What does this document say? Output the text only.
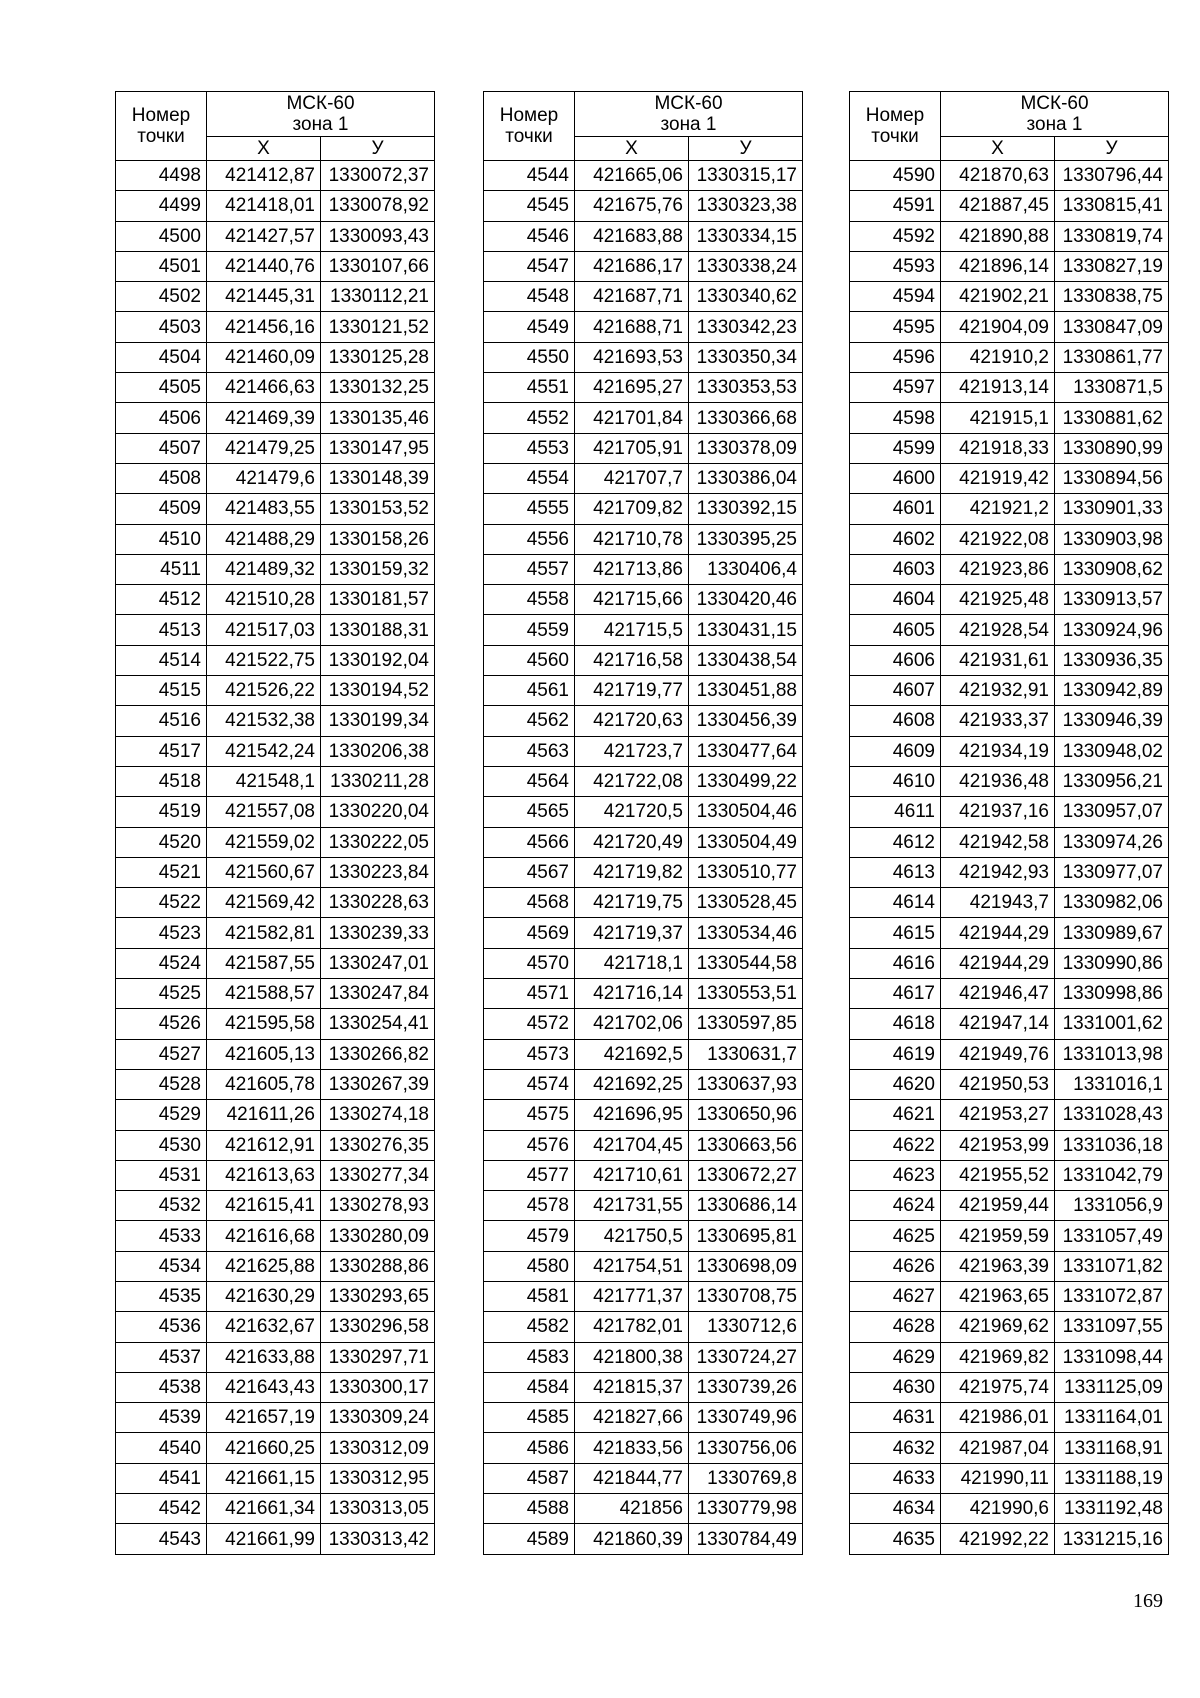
Номер точки	МСК-60
зона 1	
	Х	У
4498	421412,87	1330072,37
4499	421418,01	1330078,92
4500	421427,57	1330093,43
4501	421440,76	1330107,66
4502	421445,31	1330112,21
4503	421456,16	1330121,52
4504	421460,09	1330125,28
4505	421466,63	1330132,25
4506	421469,39	1330135,46
4507	421479,25	1330147,95
4508	421479,6	1330148,39
4509	421483,55	1330153,52
4510	421488,29	1330158,26
4511	421489,32	1330159,32
4512	421510,28	1330181,57
4513	421517,03	1330188,31
4514	421522,75	1330192,04
4515	421526,22	1330194,52
4516	421532,38	1330199,34
4517	421542,24	1330206,38
4518	421548,1	1330211,28
4519	421557,08	1330220,04
4520	421559,02	1330222,05
4521	421560,67	1330223,84
4522	421569,42	1330228,63
4523	421582,81	1330239,33
4524	421587,55	1330247,01
4525	421588,57	1330247,84
4526	421595,58	1330254,41
4527	421605,13	1330266,82
4528	421605,78	1330267,39
4529	421611,26	1330274,18
4530	421612,91	1330276,35
4531	421613,63	1330277,34
4532	421615,41	1330278,93
4533	421616,68	1330280,09
4534	421625,88	1330288,86
4535	421630,29	1330293,65
4536	421632,67	1330296,58
4537	421633,88	1330297,71
4538	421643,43	1330300,17
4539	421657,19	1330309,24
4540	421660,25	1330312,09
4541	421661,15	1330312,95
4542	421661,34	1330313,05
4543	421661,99	1330313,42
Номер точки	МСК-60
зона 1	
	Х	У
4544	421665,06	1330315,17
4545	421675,76	1330323,38
4546	421683,88	1330334,15
4547	421686,17	1330338,24
4548	421687,71	1330340,62
4549	421688,71	1330342,23
4550	421693,53	1330350,34
4551	421695,27	1330353,53
4552	421701,84	1330366,68
4553	421705,91	1330378,09
4554	421707,7	1330386,04
4555	421709,82	1330392,15
4556	421710,78	1330395,25
4557	421713,86	1330406,4
4558	421715,66	1330420,46
4559	421715,5	1330431,15
4560	421716,58	1330438,54
4561	421719,77	1330451,88
4562	421720,63	1330456,39
4563	421723,7	1330477,64
4564	421722,08	1330499,22
4565	421720,5	1330504,46
4566	421720,49	1330504,49
4567	421719,82	1330510,77
4568	421719,75	1330528,45
4569	421719,37	1330534,46
4570	421718,1	1330544,58
4571	421716,14	1330553,51
4572	421702,06	1330597,85
4573	421692,5	1330631,7
4574	421692,25	1330637,93
4575	421696,95	1330650,96
4576	421704,45	1330663,56
4577	421710,61	1330672,27
4578	421731,55	1330686,14
4579	421750,5	1330695,81
4580	421754,51	1330698,09
4581	421771,37	1330708,75
4582	421782,01	1330712,6
4583	421800,38	1330724,27
4584	421815,37	1330739,26
4585	421827,66	1330749,96
4586	421833,56	1330756,06
4587	421844,77	1330769,8
4588	421856	1330779,98
4589	421860,39	1330784,49
Номер точки	МСК-60
зона 1	
	Х	У
4590	421870,63	1330796,44
4591	421887,45	1330815,41
4592	421890,88	1330819,74
4593	421896,14	1330827,19
4594	421902,21	1330838,75
4595	421904,09	1330847,09
4596	421910,2	1330861,77
4597	421913,14	1330871,5
4598	421915,1	1330881,62
4599	421918,33	1330890,99
4600	421919,42	1330894,56
4601	421921,2	1330901,33
4602	421922,08	1330903,98
4603	421923,86	1330908,62
4604	421925,48	1330913,57
4605	421928,54	1330924,96
4606	421931,61	1330936,35
4607	421932,91	1330942,89
4608	421933,37	1330946,39
4609	421934,19	1330948,02
4610	421936,48	1330956,21
4611	421937,16	1330957,07
4612	421942,58	1330974,26
4613	421942,93	1330977,07
4614	421943,7	1330982,06
4615	421944,29	1330989,67
4616	421944,29	1330990,86
4617	421946,47	1330998,86
4618	421947,14	1331001,62
4619	421949,76	1331013,98
4620	421950,53	1331016,1
4621	421953,27	1331028,43
4622	421953,99	1331036,18
4623	421955,52	1331042,79
4624	421959,44	1331056,9
4625	421959,59	1331057,49
4626	421963,39	1331071,82
4627	421963,65	1331072,87
4628	421969,62	1331097,55
4629	421969,82	1331098,44
4630	421975,74	1331125,09
4631	421986,01	1331164,01
4632	421987,04	1331168,91
4633	421990,11	1331188,19
4634	421990,6	1331192,48
4635	421992,22	1331215,16
169
